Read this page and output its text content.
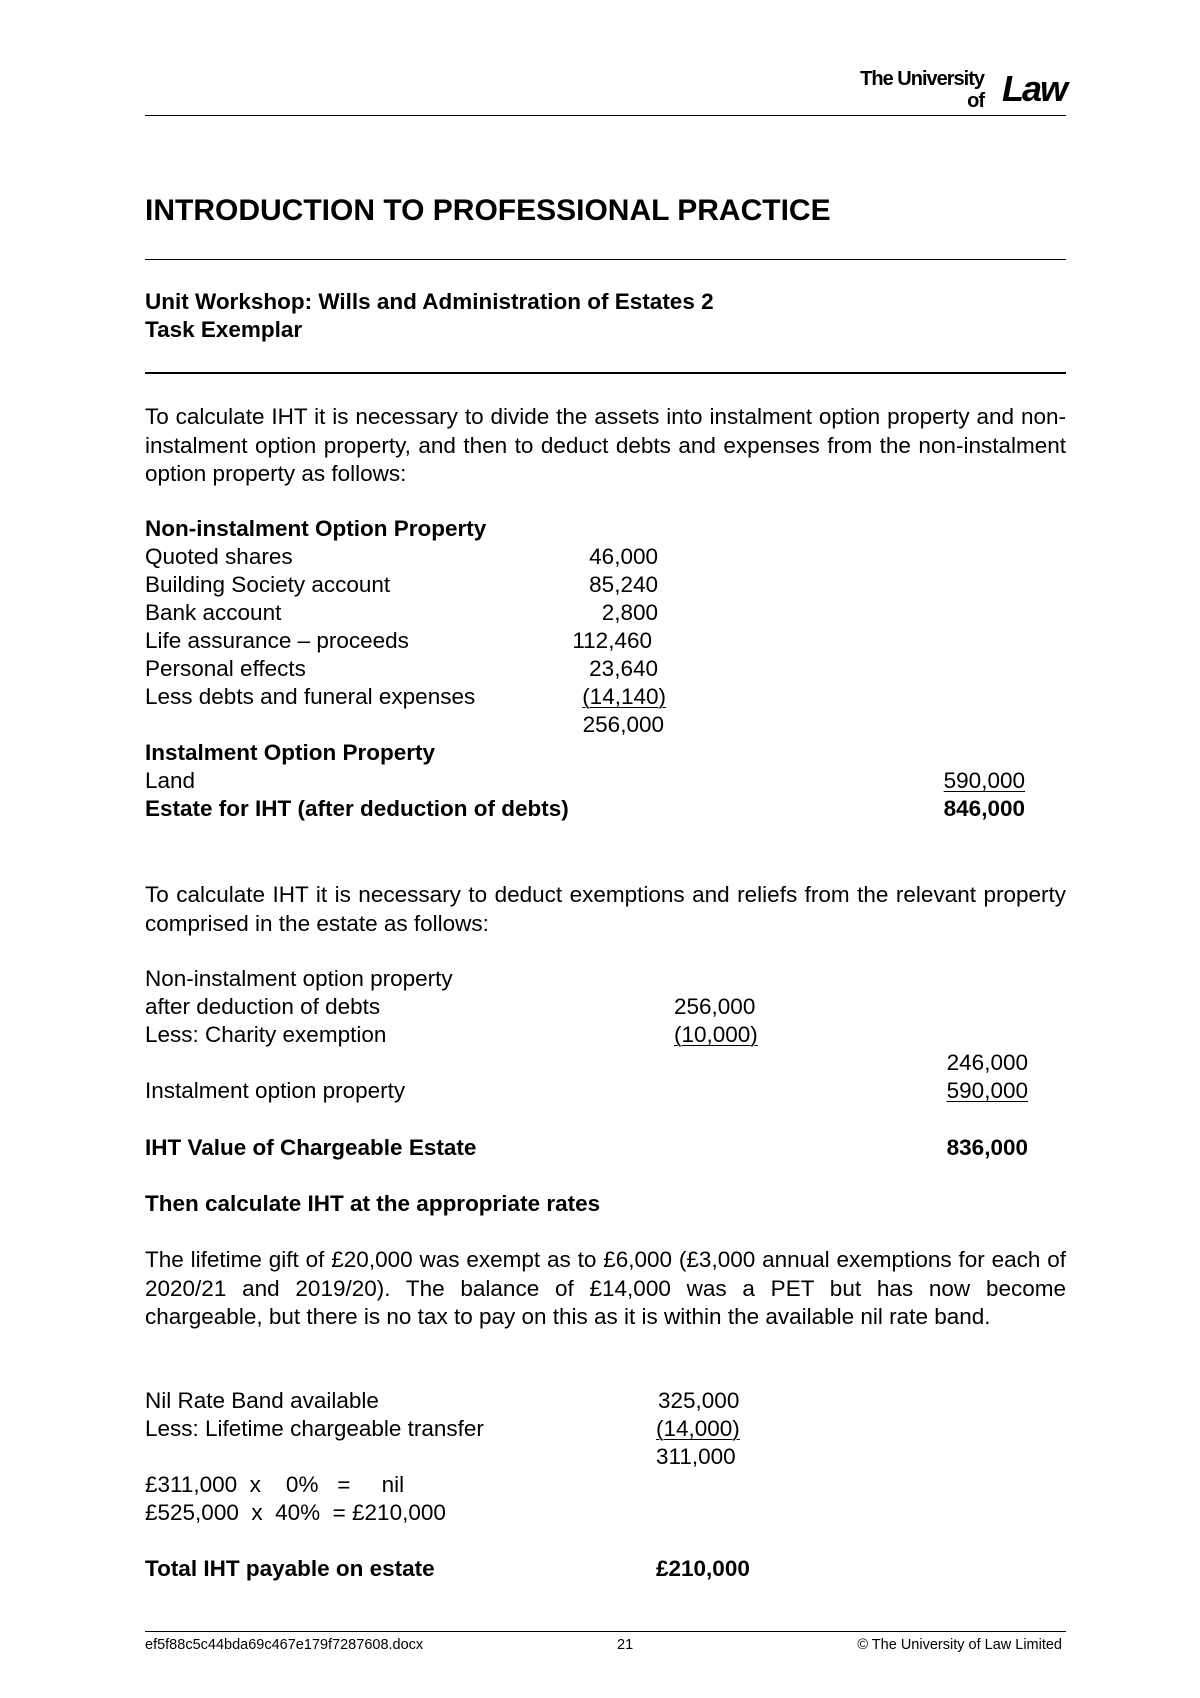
The University
of Law
INTRODUCTION TO PROFESSIONAL PRACTICE
Unit Workshop: Wills and Administration of Estates 2
Task Exemplar
To calculate IHT it is necessary to divide the assets into instalment option property and non-instalment option property, and then to deduct debts and expenses from the non-instalment option property as follows:
Non-instalment Option Property
Quoted shares	46,000
Building Society account	85,240
Bank account	2,800
Life assurance – proceeds	112,460
Personal effects	23,640
Less debts and funeral expenses	(14,140)
256,000
Instalment Option Property
Land	590,000
Estate for IHT (after deduction of debts)	846,000
To calculate IHT it is necessary to deduct exemptions and reliefs from the relevant property comprised in the estate as follows:
Non-instalment option property
after deduction of debts	256,000
Less: Charity exemption	(10,000)
246,000
Instalment option property	590,000
IHT Value of Chargeable Estate	836,000
Then calculate IHT at the appropriate rates
The lifetime gift of £20,000 was exempt as to £6,000 (£3,000 annual exemptions for each of 2020/21 and 2019/20). The balance of £14,000 was a PET but has now become chargeable, but there is no tax to pay on this as it is within the available nil rate band.
Nil Rate Band available	325,000
Less: Lifetime chargeable transfer	(14,000)
311,000
£311,000  x    0%   =     nil
£525,000  x  40%  = £210,000
Total IHT payable on estate	£210,000
ef5f88c5c44bda69c467e179f7287608.docx	21	© The University of Law Limited
